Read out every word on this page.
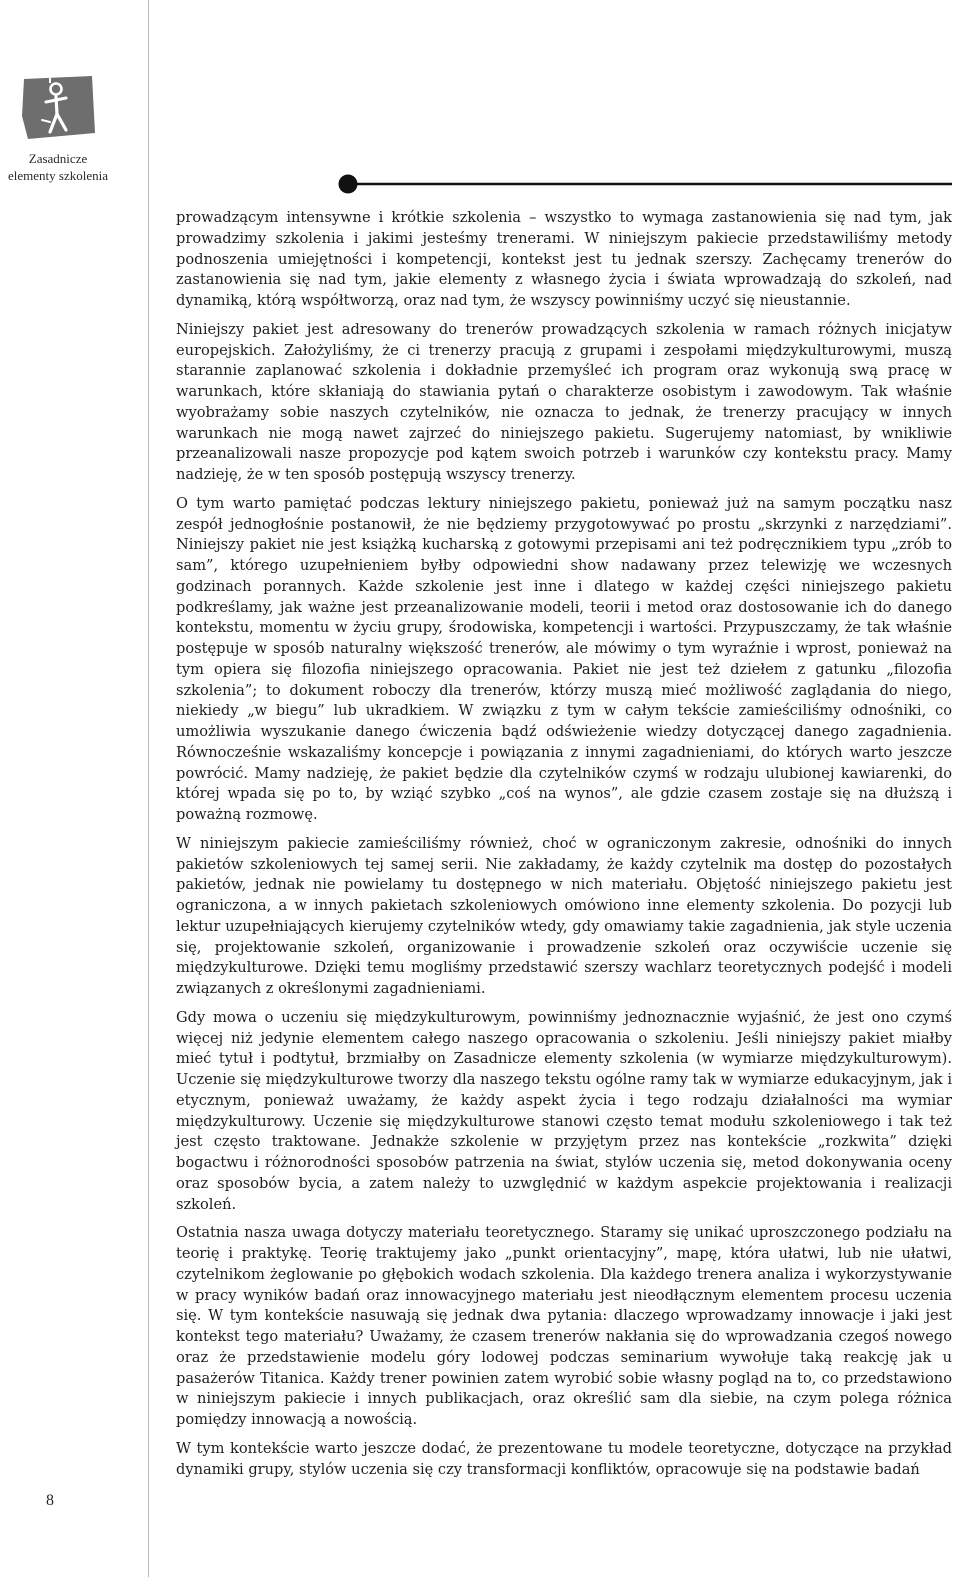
Zasadnicze
elementy szkolenia
8

prowadzącym intensywne i krótkie szkolenia – wszystko to wymaga zastanowienia się nad tym, jak prowadzimy szkolenia i jakimi jesteśmy trenerami. W niniejszym pakiecie przedstawiliśmy metody podnoszenia umiejętności i kompetencji, kontekst jest tu jednak szerszy. Zachęcamy trenerów do zastanowienia się nad tym, jakie elementy z własnego życia i świata wprowadzają do szkoleń, nad dynamiką, którą współtworzą, oraz nad tym, że wszyscy powinniśmy uczyć się nieustannie.

Niniejszy pakiet jest adresowany do trenerów prowadzących szkolenia w ramach różnych inicjatyw europejskich. Założyliśmy, że ci trenerzy pracują z grupami i zespołami międzykulturowymi, muszą starannie zaplanować szkolenia i dokładnie przemyśleć ich program oraz wykonują swą pracę w warunkach, które skłaniają do stawiania pytań o charakterze osobistym i zawodowym. Tak właśnie wyobrażamy sobie naszych czytelników, nie oznacza to jednak, że trenerzy pracujący w innych warunkach nie mogą nawet zajrzeć do niniejszego pakietu. Sugerujemy natomiast, by wnikliwie przeanalizowali nasze propozycje pod kątem swoich potrzeb i warunków czy kontekstu pracy. Mamy nadzieję, że w ten sposób postępują wszyscy trenerzy.

O tym warto pamiętać podczas lektury niniejszego pakietu, ponieważ już na samym początku nasz zespół jednogłośnie postanowił, że nie będziemy przygotowywać po prostu „skrzynki z narzędziami”. Niniejszy pakiet nie jest książką kucharską z gotowymi przepisami ani też podręcznikiem typu „zrób to sam”, którego uzupełnieniem byłby odpowiedni show nadawany przez telewizję we wczesnych godzinach porannych. Każde szkolenie jest inne i dlatego w każdej części niniejszego pakietu podkreślamy, jak ważne jest przeanalizowanie modeli, teorii i metod oraz dostosowanie ich do danego kontekstu, momentu w życiu grupy, środowiska, kompetencji i wartości. Przypuszczamy, że tak właśnie postępuje w sposób naturalny większość trenerów, ale mówimy o tym wyraźnie i wprost, ponieważ na tym opiera się filozofia niniejszego opracowania. Pakiet nie jest też dziełem z gatunku „filozofia szkolenia”; to dokument roboczy dla trenerów, którzy muszą mieć możliwość zaglądania do niego, niekiedy „w biegu” lub ukradkiem. W związku z tym w całym tekście zamieściliśmy odnośniki, co umożliwia wyszukanie danego ćwiczenia bądź odświeżenie wiedzy dotyczącej danego zagadnienia. Równocześnie wskazaliśmy koncepcje i powiązania z innymi zagadnieniami, do których warto jeszcze powrócić. Mamy nadzieję, że pakiet będzie dla czytelników czymś w rodzaju ulubionej kawiarenki, do której wpada się po to, by wziąć szybko „coś na wynos”, ale gdzie czasem zostaje się na dłuższą i poważną rozmowę.

W niniejszym pakiecie zamieściliśmy również, choć w ograniczonym zakresie, odnośniki do innych pakietów szkoleniowych tej samej serii. Nie zakładamy, że każdy czytelnik ma dostęp do pozostałych pakietów, jednak nie powielamy tu dostępnego w nich materiału. Objętość niniejszego pakietu jest ograniczona, a w innych pakietach szkoleniowych omówiono inne elementy szkolenia. Do pozycji lub lektur uzupełniających kierujemy czytelników wtedy, gdy omawiamy takie zagadnienia, jak style uczenia się, projektowanie szkoleń, organizowanie i prowadzenie szkoleń oraz oczywiście uczenie się międzykulturowe. Dzięki temu mogliśmy przedstawić szerszy wachlarz teoretycznych podejść i modeli związanych z określonymi zagadnieniami.

Gdy mowa o uczeniu się międzykulturowym, powinniśmy jednoznacznie wyjaśnić, że jest ono czymś więcej niż jedynie elementem całego naszego opracowania o szkoleniu. Jeśli niniejszy pakiet miałby mieć tytuł i podtytuł, brzmiałby on Zasadnicze elementy szkolenia (w wymiarze międzykulturowym). Uczenie się międzykulturowe tworzy dla naszego tekstu ogólne ramy tak w wymiarze edukacyjnym, jak i etycznym, ponieważ uważamy, że każdy aspekt życia i tego rodzaju działalności ma wymiar międzykulturowy. Uczenie się międzykulturowe stanowi często temat modułu szkoleniowego i tak też jest często traktowane. Jednakże szkolenie w przyjętym przez nas kontekście „rozkwita” dzięki bogactwu i różnorodności sposobów patrzenia na świat, stylów uczenia się, metod dokonywania oceny oraz sposobów bycia, a zatem należy to uzwględnić w każdym aspekcie projektowania i realizacji szkoleń.

Ostatnia nasza uwaga dotyczy materiału teoretycznego. Staramy się unikać uproszczonego podziału na teorię i praktykę. Teorię traktujemy jako „punkt orientacyjny”, mapę, która ułatwi, lub nie ułatwi, czytelnikom żeglowanie po głębokich wodach szkolenia. Dla każdego trenera analiza i wykorzystywanie w pracy wyników badań oraz innowacyjnego materiału jest nieodłącznym elementem procesu uczenia się. W tym kontekście nasuwają się jednak dwa pytania: dlaczego wprowadzamy innowacje i jaki jest kontekst tego materiału? Uważamy, że czasem trenerów nakłania się do wprowadzania czegoś nowego oraz że przedstawienie modelu góry lodowej podczas seminarium wywołuje taką reakcję jak u pasażerów Titanica. Każdy trener powinien zatem wyrobić sobie własny pogląd na to, co przedstawiono w niniejszym pakiecie i innych publikacjach, oraz określić sam dla siebie, na czym polega różnica pomiędzy innowacją a nowością.

W tym kontekście warto jeszcze dodać, że prezentowane tu modele teoretyczne, dotyczące na przykład dynamiki grupy, stylów uczenia się czy transformacji konfliktów, opracowuje się na podstawie badań
